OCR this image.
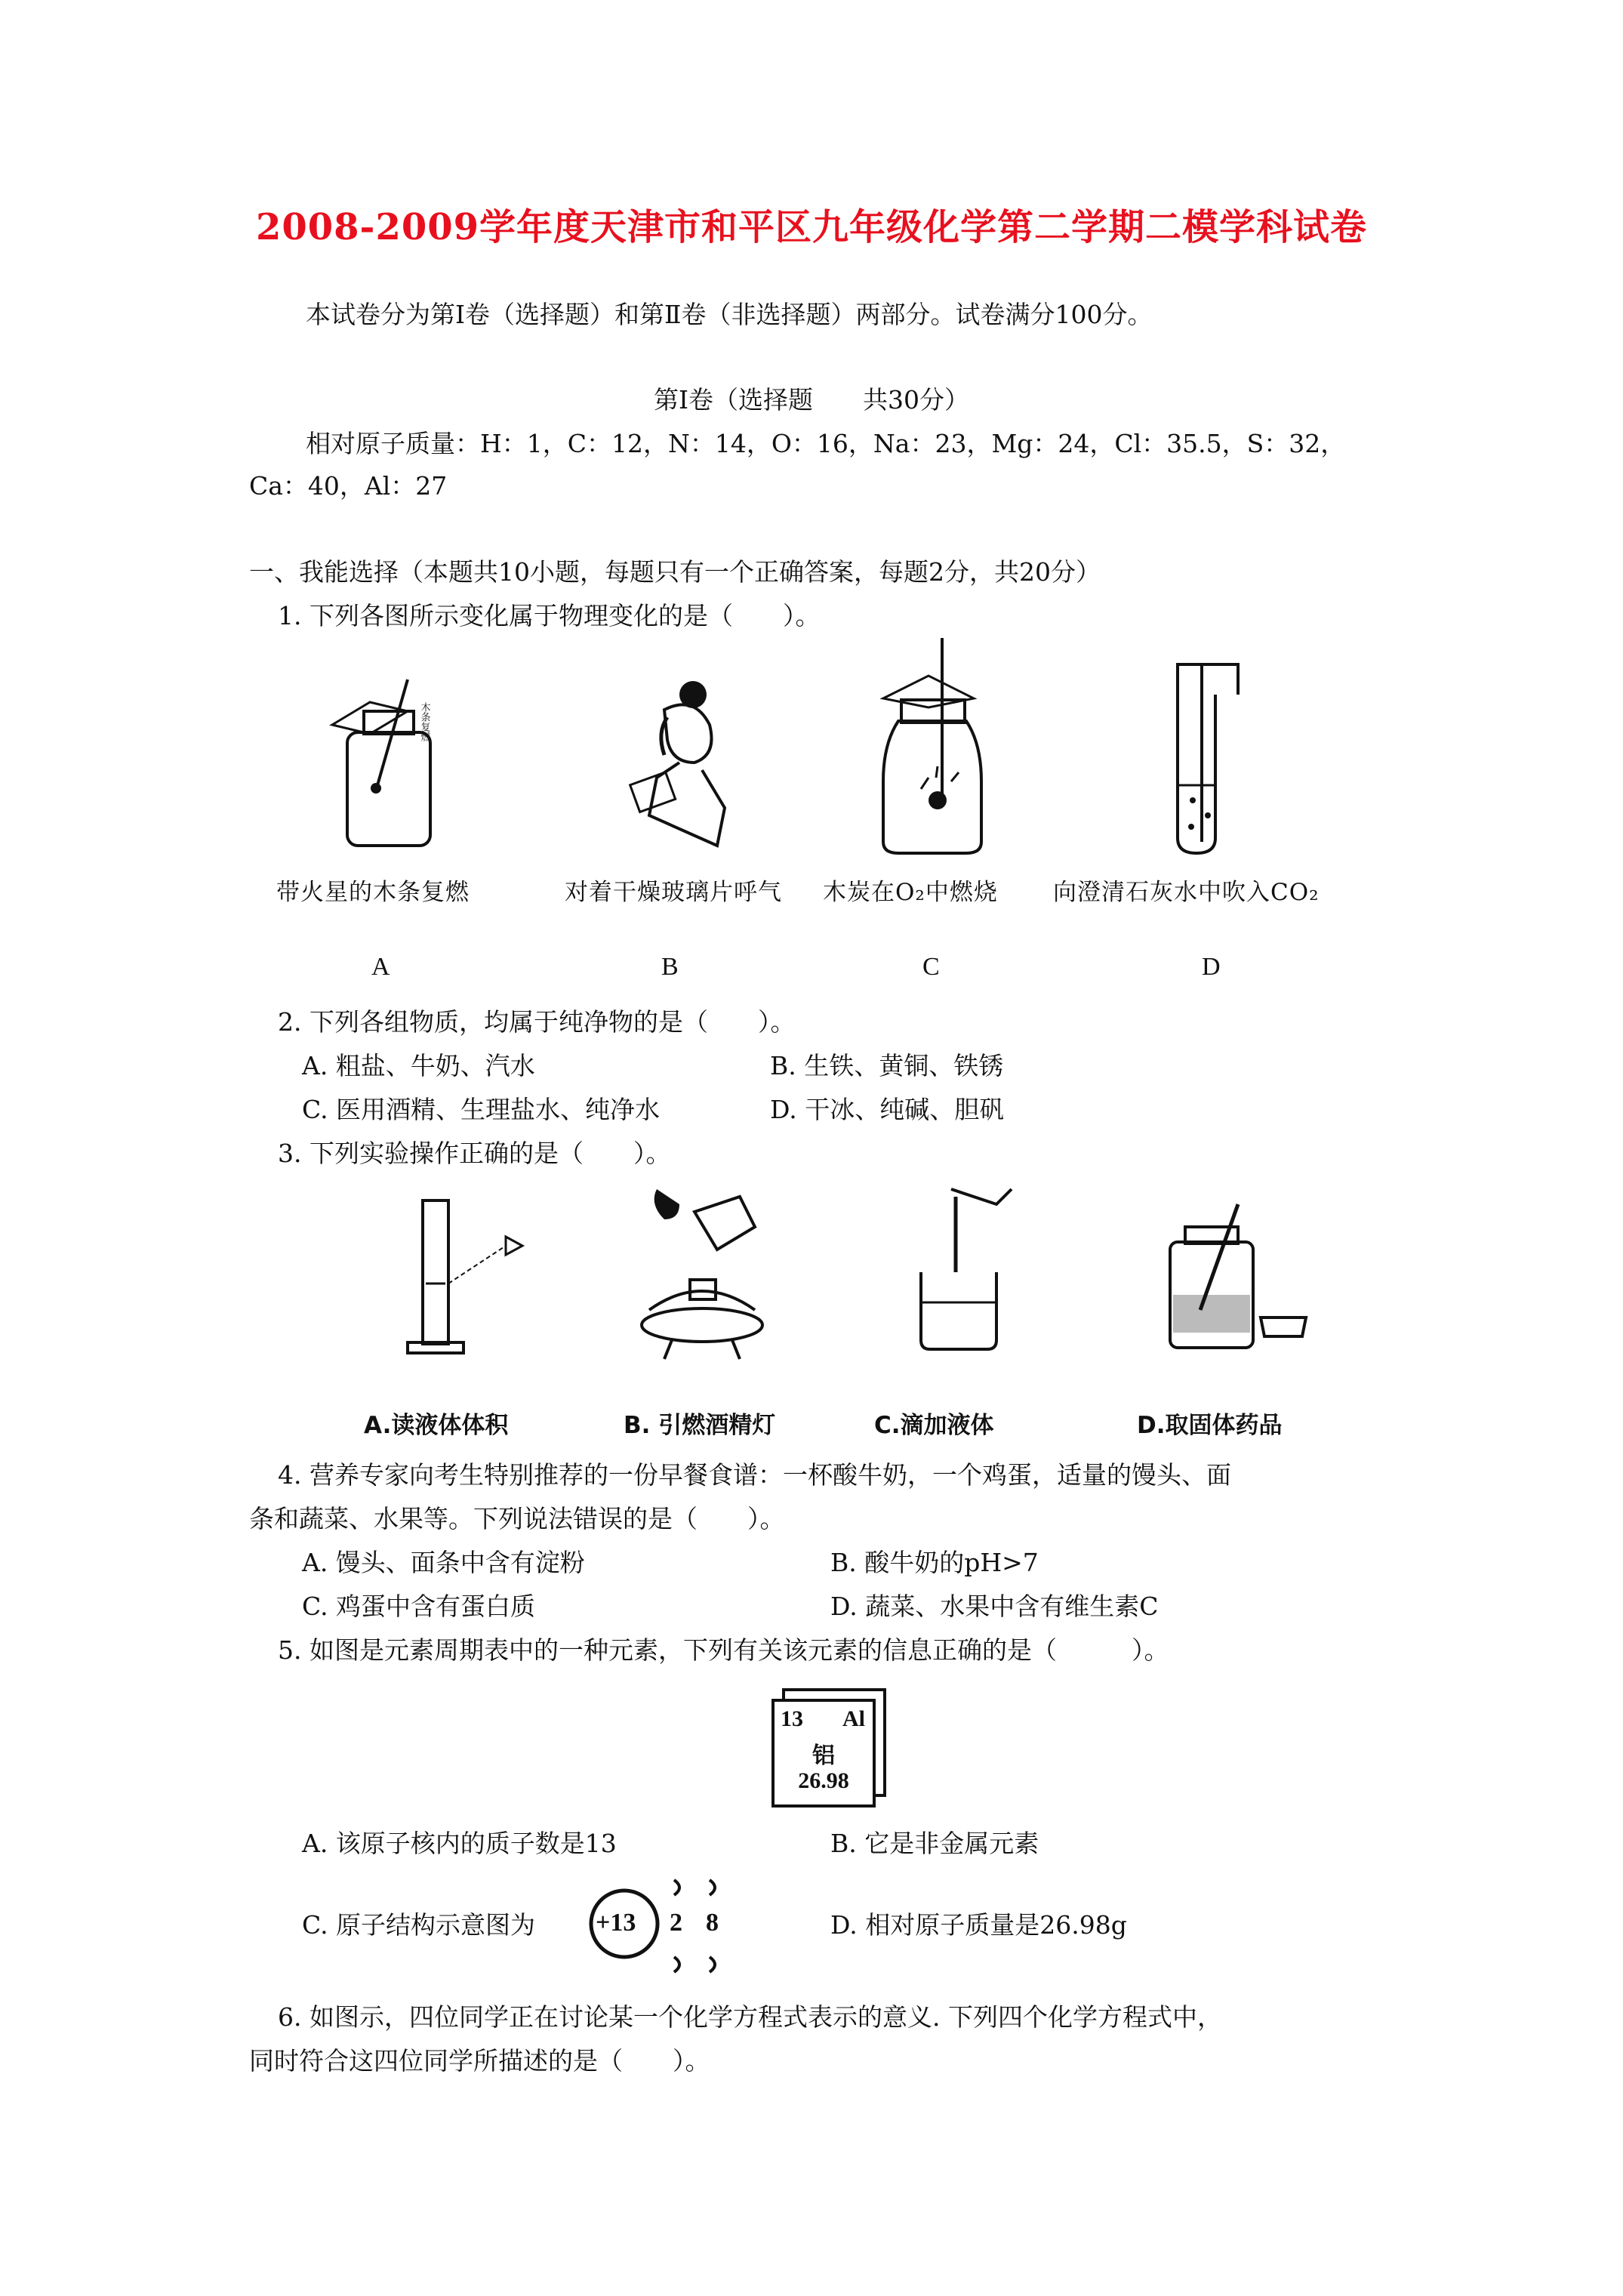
2008-2009学年度天津市和平区九年级化学第二学期二模学科试卷
本试卷分为第Ⅰ卷（选择题）和第Ⅱ卷（非选择题）两部分。试卷满分100分。
第Ⅰ卷（选择题　　共30分）
相对原子质量：H：1，C：12，N：14，O：16，Na：23，Mg：24，Cl：35.5，S：32，
Ca：40，Al：27
一、我能选择（本题共10小题，每题只有一个正确答案，每题2分，共20分）
1. 下列各图所示变化属于物理变化的是（　　）。
木条复燃
带火星的木条复燃	对着干燥玻璃片呼气 木炭在O₂中燃烧 向澄清石灰水中吹入CO₂
A	B	C	D
2. 下列各组物质，均属于纯净物的是（　　）。
A. 粗盐、牛奶、汽水	B. 生铁、黄铜、铁锈
C. 医用酒精、生理盐水、纯净水	D. 干冰、纯碱、胆矾
3. 下列实验操作正确的是（　　）。
A.读液体体积	B. 引燃酒精灯	C.滴加液体	D.取固体药品
4. 营养专家向考生特别推荐的一份早餐食谱：一杯酸牛奶，一个鸡蛋，适量的馒头、面
条和蔬菜、水果等。下列说法错误的是（　　）。
A. 馒头、面条中含有淀粉	B. 酸牛奶的pH>7
C. 鸡蛋中含有蛋白质	D. 蔬菜、水果中含有维生素C
5. 如图是元素周期表中的一种元素，下列有关该元素的信息正确的是（　　　）。
13 Al
铝
26.98
A. 该原子核内的质子数是13	B. 它是非金属元素
C. 原子结构示意图为 +13 2 8	D. 相对原子质量是26.98g
6. 如图示，四位同学正在讨论某一个化学方程式表示的意义. 下列四个化学方程式中，
同时符合这四位同学所描述的是（　　）。
